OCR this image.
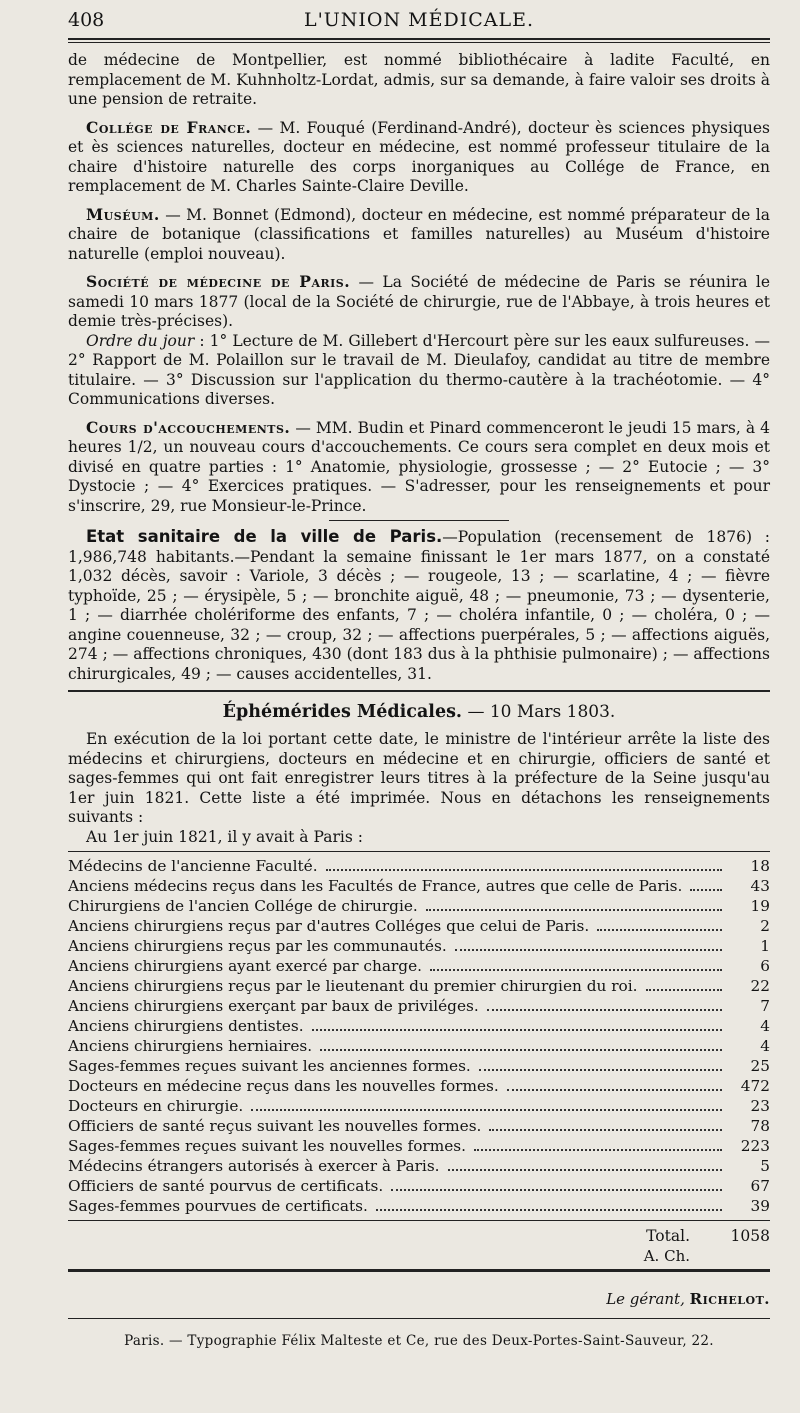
408	L'UNION MÉDICALE.

de médecine de Montpellier, est nommé bibliothécaire à ladite Faculté, en remplacement de M. Kuhnholtz-Lordat, admis, sur sa demande, à faire valoir ses droits à une pension de retraite.

Collége de France. — M. Fouqué (Ferdinand-André), docteur ès sciences physiques et ès sciences naturelles, docteur en médecine, est nommé professeur titulaire de la chaire d'histoire naturelle des corps inorganiques au Collége de France, en remplacement de M. Charles Sainte-Claire Deville.

Muséum. — M. Bonnet (Edmond), docteur en médecine, est nommé préparateur de la chaire de botanique (classifications et familles naturelles) au Muséum d'histoire naturelle (emploi nouveau).

Société de médecine de Paris. — La Société de médecine de Paris se réunira le samedi 10 mars 1877 (local de la Société de chirurgie, rue de l'Abbaye, à trois heures et demie très-précises).

Ordre du jour : 1° Lecture de M. Gillebert d'Hercourt père sur les eaux sulfureuses. — 2° Rapport de M. Polaillon sur le travail de M. Dieulafoy, candidat au titre de membre titulaire. — 3° Discussion sur l'application du thermo-cautère à la trachéotomie. — 4° Communications diverses.

Cours d'accouchements. — MM. Budin et Pinard commenceront le jeudi 15 mars, à 4 heures 1/2, un nouveau cours d'accouchements. Ce cours sera complet en deux mois et divisé en quatre parties : 1° Anatomie, physiologie, grossesse ; — 2° Eutocie ; — 3° Dystocie ; — 4° Exercices pratiques. — S'adresser, pour les renseignements et pour s'inscrire, 29, rue Monsieur-le-Prince.

Etat sanitaire de la ville de Paris.—Population (recensement de 1876) : 1,986,748 habitants.—Pendant la semaine finissant le 1er mars 1877, on a constaté 1,032 décès, savoir : Variole, 3 décès ; — rougeole, 13 ; — scarlatine, 4 ; — fièvre typhoïde, 25 ; — érysipèle, 5 ; — bronchite aiguë, 48 ; — pneumonie, 73 ; — dysenterie, 1 ; — diarrhée cholériforme des enfants, 7 ; — choléra infantile, 0 ; — choléra, 0 ; — angine couenneuse, 32 ; — croup, 32 ; — affections puerpérales, 5 ; — affections aiguës, 274 ; — affections chroniques, 430 (dont 183 dus à la phthisie pulmonaire) ; — affections chirurgicales, 49 ; — causes accidentelles, 31.

Éphémérides Médicales. — 10 Mars 1803.

En exécution de la loi portant cette date, le ministre de l'intérieur arrête la liste des médecins et chirurgiens, docteurs en médecine et en chirurgie, officiers de santé et sages-femmes qui ont fait enregistrer leurs titres à la préfecture de la Seine jusqu'au 1er juin 1821. Cette liste a été imprimée. Nous en détachons les renseignements suivants :

Au 1er juin 1821, il y avait à Paris :

Médecins de l'ancienne Faculté.	18

Anciens médecins reçus dans les Facultés de France, autres que celle de Paris.	43

Chirurgiens de l'ancien Collége de chirurgie.	19

Anciens chirurgiens reçus par d'autres Colléges que celui de Paris.	2

Anciens chirurgiens reçus par les communautés.	1

Anciens chirurgiens ayant exercé par charge.	6

Anciens chirurgiens reçus par le lieutenant du premier chirurgien du roi.	22

Anciens chirurgiens exerçant par baux de priviléges.	7

Anciens chirurgiens dentistes.	4

Anciens chirurgiens herniaires.	4

Sages-femmes reçues suivant les anciennes formes.	25

Docteurs en médecine reçus dans les nouvelles formes.	472

Docteurs en chirurgie.	23

Officiers de santé reçus suivant les nouvelles formes.	78

Sages-femmes reçues suivant les nouvelles formes.	223

Médecins étrangers autorisés à exercer à Paris.	5

Officiers de santé pourvus de certificats.	67

Sages-femmes pourvues de certificats.	39
Total.	1058
A. Ch.
Le gérant, Richelot.
Paris. — Typographie Félix Malteste et Ce, rue des Deux-Portes-Saint-Sauveur, 22.
